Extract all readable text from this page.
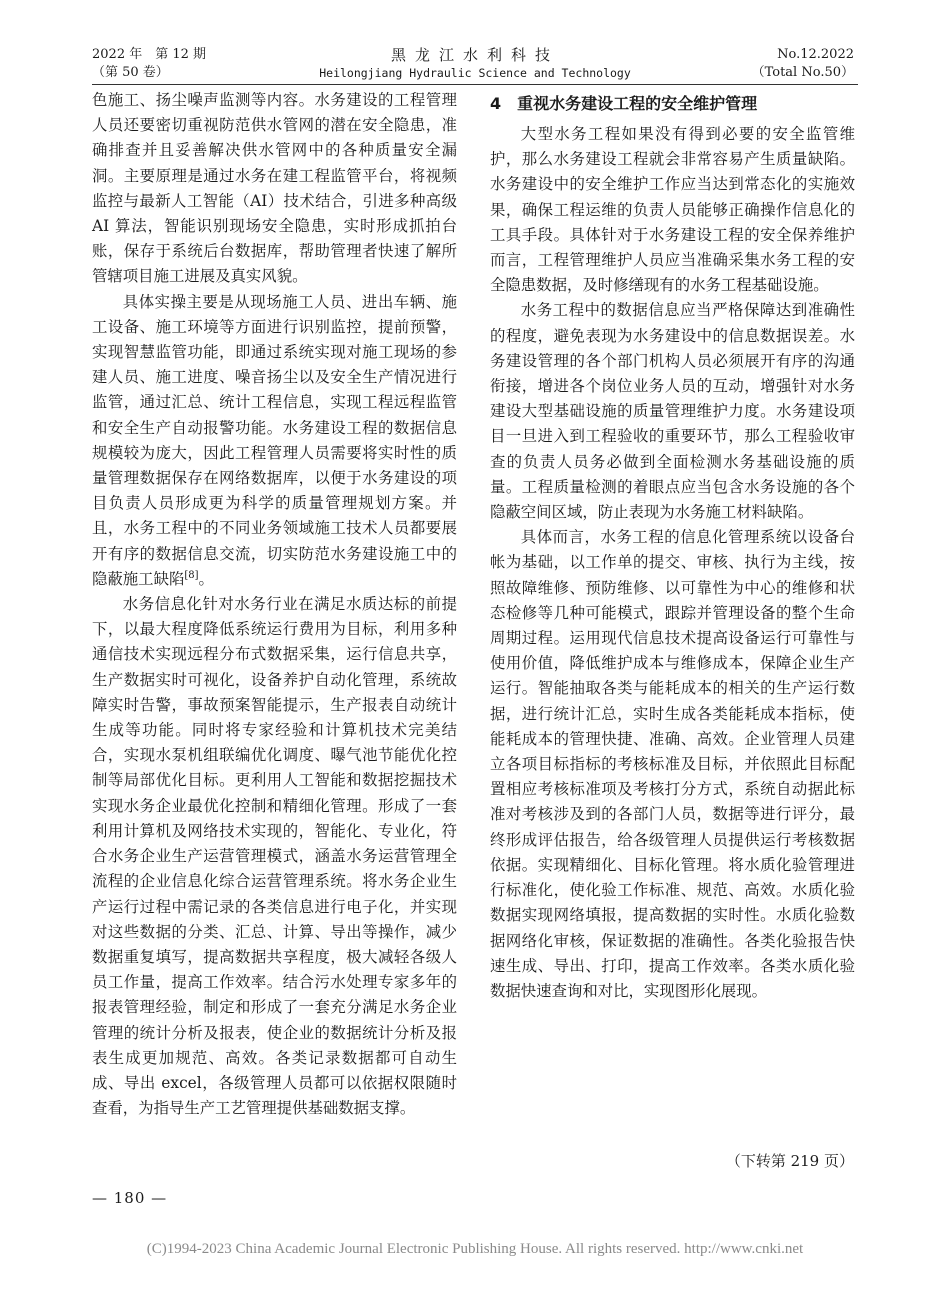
2022 年　第 12 期
（第 50 卷）
黑龙江水利科技
Heilongjiang Hydraulic Science and Technology
No.12.2022
（Total No.50）

色施工、扬尘噪声监测等内容。水务建设的工程管理人员还要密切重视防范供水管网的潜在安全隐患，准确排查并且妥善解决供水管网中的各种质量安全漏洞。主要原理是通过水务在建工程监管平台，将视频监控与最新人工智能（AI）技术结合，引进多种高级 AI 算法，智能识别现场安全隐患，实时形成抓拍台账，保存于系统后台数据库，帮助管理者快速了解所管辖项目施工进展及真实风貌。

具体实操主要是从现场施工人员、进出车辆、施工设备、施工环境等方面进行识别监控，提前预警，实现智慧监管功能，即通过系统实现对施工现场的参建人员、施工进度、噪音扬尘以及安全生产情况进行监管，通过汇总、统计工程信息，实现工程远程监管和安全生产自动报警功能。水务建设工程的数据信息规模较为庞大，因此工程管理人员需要将实时性的质量管理数据保存在网络数据库，以便于水务建设的项目负责人员形成更为科学的质量管理规划方案。并且，水务工程中的不同业务领域施工技术人员都要展开有序的数据信息交流，切实防范水务建设施工中的隐蔽施工缺陷[8]。

水务信息化针对水务行业在满足水质达标的前提下，以最大程度降低系统运行费用为目标，利用多种通信技术实现远程分布式数据采集，运行信息共享，生产数据实时可视化，设备养护自动化管理，系统故障实时告警，事故预案智能提示，生产报表自动统计生成等功能。同时将专家经验和计算机技术完美结合，实现水泵机组联编优化调度、曝气池节能优化控制等局部优化目标。更利用人工智能和数据挖掘技术实现水务企业最优化控制和精细化管理。形成了一套利用计算机及网络技术实现的，智能化、专业化，符合水务企业生产运营管理模式，涵盖水务运营管理全流程的企业信息化综合运营管理系统。将水务企业生产运行过程中需记录的各类信息进行电子化，并实现对这些数据的分类、汇总、计算、导出等操作，减少数据重复填写，提高数据共享程度，极大减轻各级人员工作量，提高工作效率。结合污水处理专家多年的报表管理经验，制定和形成了一套充分满足水务企业管理的统计分析及报表，使企业的数据统计分析及报表生成更加规范、高效。各类记录数据都可自动生成、导出 excel，各级管理人员都可以依据权限随时查看，为指导生产工艺管理提供基础数据支撑。

4　重视水务建设工程的安全维护管理

大型水务工程如果没有得到必要的安全监管维护，那么水务建设工程就会非常容易产生质量缺陷。水务建设中的安全维护工作应当达到常态化的实施效果，确保工程运维的负责人员能够正确操作信息化的工具手段。具体针对于水务建设工程的安全保养维护而言，工程管理维护人员应当准确采集水务工程的安全隐患数据，及时修缮现有的水务工程基础设施。

水务工程中的数据信息应当严格保障达到准确性的程度，避免表现为水务建设中的信息数据误差。水务建设管理的各个部门机构人员必须展开有序的沟通衔接，增进各个岗位业务人员的互动，增强针对水务建设大型基础设施的质量管理维护力度。水务建设项目一旦进入到工程验收的重要环节，那么工程验收审查的负责人员务必做到全面检测水务基础设施的质量。工程质量检测的着眼点应当包含水务设施的各个隐蔽空间区域，防止表现为水务施工材料缺陷。

具体而言，水务工程的信息化管理系统以设备台帐为基础，以工作单的提交、审核、执行为主线，按照故障维修、预防维修、以可靠性为中心的维修和状态检修等几种可能模式，跟踪并管理设备的整个生命周期过程。运用现代信息技术提高设备运行可靠性与使用价值，降低维护成本与维修成本，保障企业生产运行。智能抽取各类与能耗成本的相关的生产运行数据，进行统计汇总，实时生成各类能耗成本指标，使能耗成本的管理快捷、准确、高效。企业管理人员建立各项目标指标的考核标准及目标，并依照此目标配置相应考核标准项及考核打分方式，系统自动据此标准对考核涉及到的各部门人员，数据等进行评分，最终形成评估报告，给各级管理人员提供运行考核数据依据。实现精细化、目标化管理。将水质化验管理进行标准化，使化验工作标准、规范、高效。水质化验数据实现网络填报，提高数据的实时性。水质化验数据网络化审核，保证数据的准确性。各类化验报告快速生成、导出、打印，提高工作效率。各类水质化验数据快速查询和对比，实现图形化展现。

（下转第 219 页）
— 180 —
(C)1994-2023 China Academic Journal Electronic Publishing House. All rights reserved. http://www.cnki.net
